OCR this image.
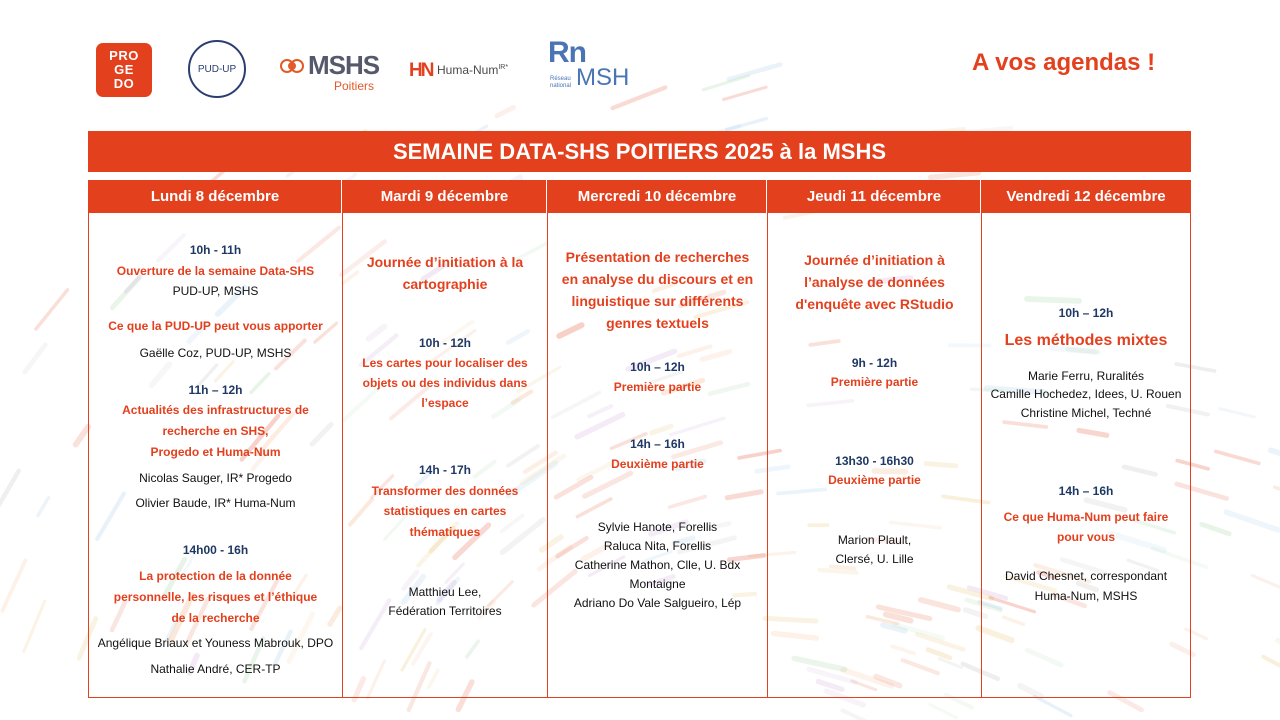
PRO
GE
DO
PUD-UP	MSHS
Poitiers
HN Huma-Num$^{IR*}$ Rn
Réseau
national MSH
A vos agendas !
SEMAINE DATA-SHS POITIERS 2025 à la MSHS
Lundi 8 décembre
10h - 11h
Ouverture de la semaine Data-SHS
PUD-UP, MSHS
Ce que la PUD-UP peut vous apporter
Gaëlle Coz, PUD-UP, MSHS
11h – 12h
Actualités des infrastructures de
recherche en SHS,
Progedo et Huma-Num
Nicolas Sauger, IR* Progedo
Olivier Baude, IR* Huma-Num
14h00 - 16h
La protection de la donnée
personnelle, les risques et l’éthique
de la recherche
Angélique Briaux et Youness Mabrouk, DPO
Nathalie André, CER-TP
Mardi 9 décembre
Journée d’initiation à la
cartographie
10h - 12h
Les cartes pour localiser des
objets ou des individus dans
l’espace
14h - 17h
Transformer des données
statistiques en cartes
thématiques
Matthieu Lee,
Fédération Territoires
Mercredi 10 décembre
Présentation de recherches
en analyse du discours et en
linguistique sur différents
genres textuels
10h – 12h
Première partie
14h – 16h
Deuxième partie
Sylvie Hanote, Forellis
Raluca Nita, Forellis
Catherine Mathon, Clle, U. Bdx
Montaigne
Adriano Do Vale Salgueiro, Lép
Jeudi 11 décembre
Journée d’initiation à
l’analyse de données
d'enquête avec RStudio
9h - 12h
Première partie
13h30 - 16h30
Deuxième partie
Marion Plault,
Clersé, U. Lille
Vendredi 12 décembre
10h – 12h
Les méthodes mixtes
Marie Ferru, Ruralités
Camille Hochedez, Idees, U. Rouen
Christine Michel, Techné
14h – 16h
Ce que Huma-Num peut faire
pour vous
David Chesnet, correspondant
Huma-Num, MSHS
